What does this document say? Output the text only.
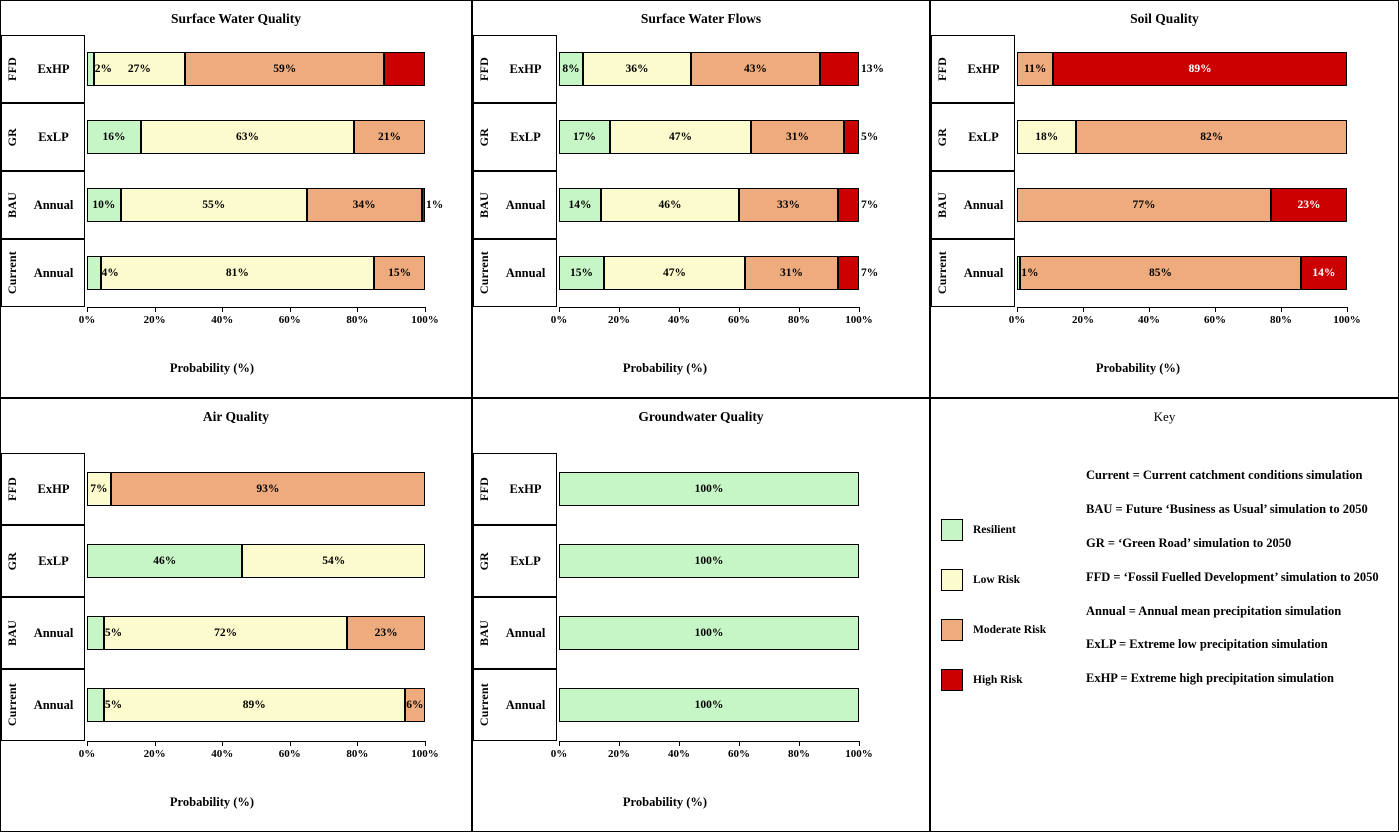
Surface Water Quality
FFD	ExHP	2% 27%	59%
GR	ExLP	16%	63%	21%
BAU	Annual	10%	55%	34%	1%
Current	Annual	4%	81%	15%
0%	20%	40%	60%	80%	100%
Probability (%)
Surface Water Flows
FFD	ExHP	8%	36%	43%	13%
GR	ExLP	17%	47%	31%	5%
BAU	Annual	14%	46%	33%	7%
Current	Annual	15%	47%	31%	7%
0%	20%	40%	60%	80%	100%
Probability (%)
Soil Quality
FFD	ExHP	11%	89%
GR	ExLP	18%	82%
BAU	Annual	77%	23%
Current	Annual	1%	85%	14%
0%	20%	40%	60%	80%	100%
Probability (%)
Air Quality
FFD	ExHP	7%	93%
GR	ExLP	46%	54%
BAU	Annual	5%	72%	23%
Current	Annual	5%	89%	6%
0%	20%	40%	60%	80%	100%
Probability (%)
Groundwater Quality
FFD	ExHP	100%
GR	ExLP	100%
BAU	Annual	100%
Current	Annual	100%
0%	20%	40%	60%	80%	100%
Probability (%)
Key
Resilient
Low Risk
Moderate Risk
High Risk

Current = Current catchment conditions simulation

BAU = Future ‘Business as Usual’ simulation to 2050

GR = ‘Green Road’ simulation to 2050

FFD = ‘Fossil Fuelled Development’ simulation to 2050

Annual = Annual mean precipitation simulation

ExLP = Extreme low precipitation simulation

ExHP = Extreme high precipitation simulation
